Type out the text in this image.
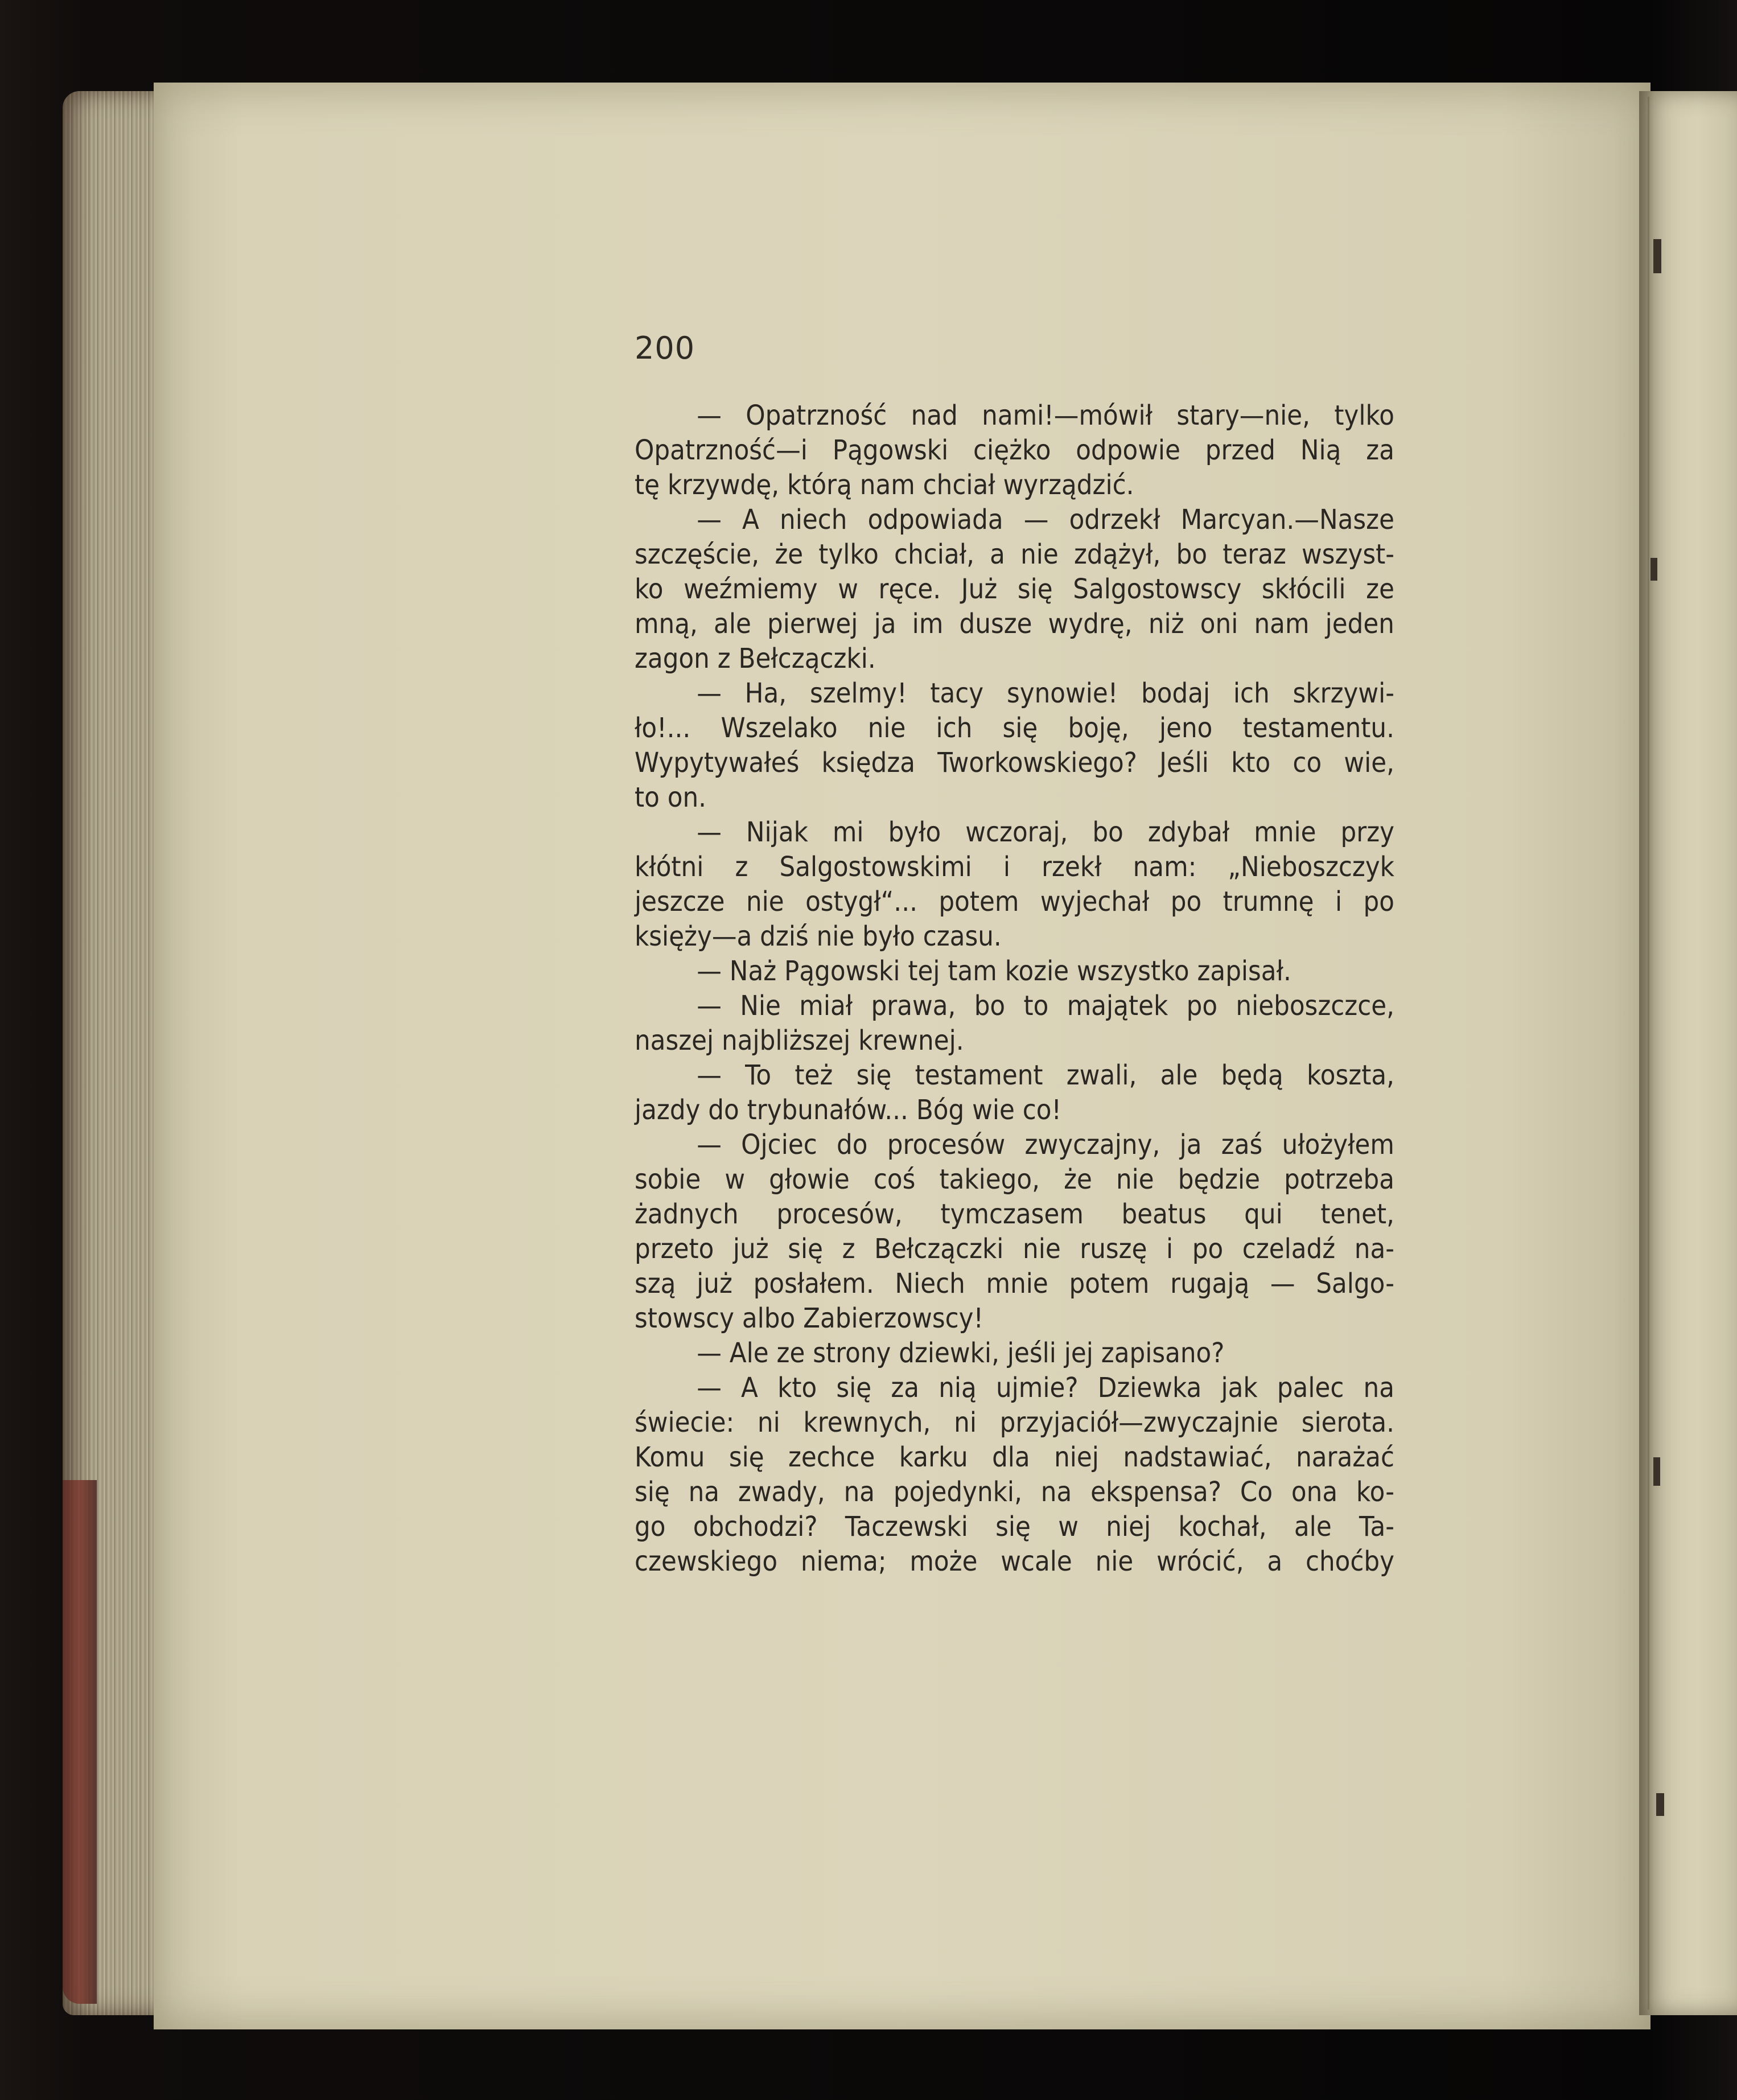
200
— Opatrzność nad nami!—mówił stary—nie, tylko
Opatrzność—i Pągowski ciężko odpowie przed Nią za
tę krzywdę, którą nam chciał wyrządzić.
— A niech odpowiada — odrzekł Marcyan.—Nasze
szczęście, że tylko chciał, a nie zdążył, bo teraz wszyst-
ko weźmiemy w ręce. Już się Salgostowscy skłócili ze
mną, ale pierwej ja im dusze wydrę, niż oni nam jeden
zagon z Bełczączki.
— Ha, szelmy! tacy synowie! bodaj ich skrzywi-
ło!... Wszelako nie ich się boję, jeno testamentu.
Wypytywałeś księdza Tworkowskiego? Jeśli kto co wie,
to on.
— Nijak mi było wczoraj, bo zdybał mnie przy
kłótni z Salgostowskimi i rzekł nam: „Nieboszczyk
jeszcze nie ostygł“... potem wyjechał po trumnę i po
księży—a dziś nie było czasu.
— Naż Pągowski tej tam kozie wszystko zapisał.
— Nie miał prawa, bo to majątek po nieboszczce,
naszej najbliższej krewnej.
— To też się testament zwali, ale będą koszta,
jazdy do trybunałów... Bóg wie co!
— Ojciec do procesów zwyczajny, ja zaś ułożyłem
sobie w głowie coś takiego, że nie będzie potrzeba
żadnych procesów, tymczasem beatus qui tenet,
przeto już się z Bełczączki nie ruszę i po czeladź na-
szą już posłałem. Niech mnie potem rugają — Salgo-
stowscy albo Zabierzowscy!
— Ale ze strony dziewki, jeśli jej zapisano?
— A kto się za nią ujmie? Dziewka jak palec na
świecie: ni krewnych, ni przyjaciół—zwyczajnie sierota.
Komu się zechce karku dla niej nadstawiać, narażać
się na zwady, na pojedynki, na ekspensa? Co ona ko-
go obchodzi? Taczewski się w niej kochał, ale Ta-
czewskiego niema; może wcale nie wrócić, a choćby
